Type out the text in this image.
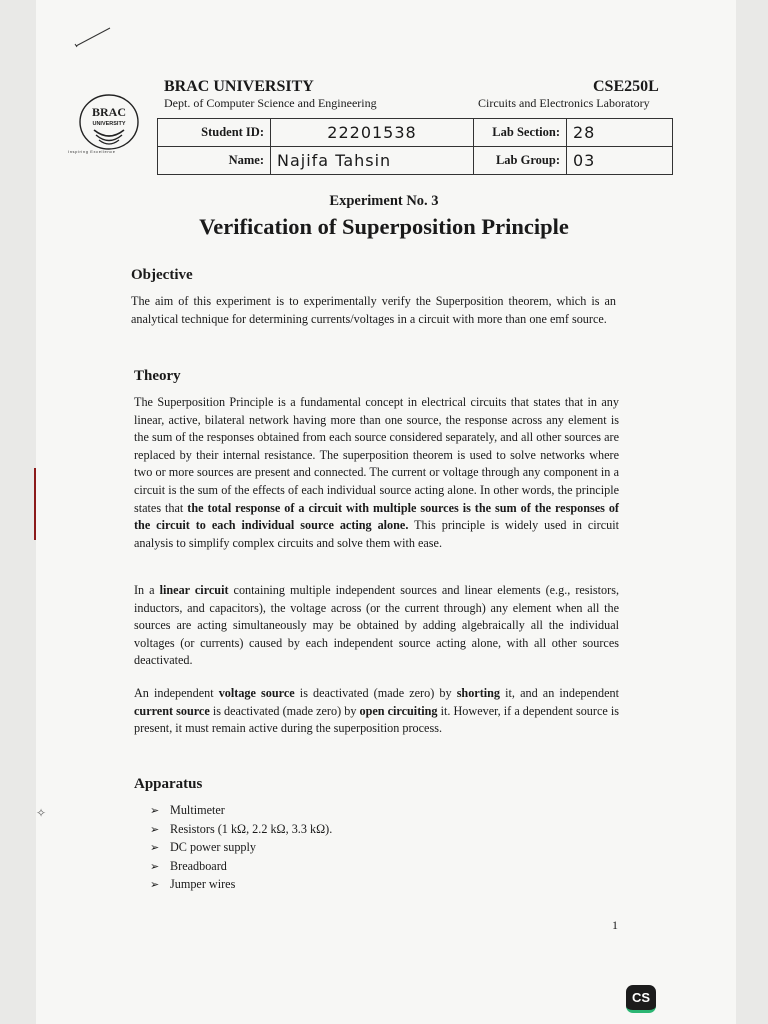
BRAC
UNIVERSITY
Inspiring Excellence
BRAC UNIVERSITY
Dept. of Computer Science and Engineering
CSE250L
Circuits and Electronics Laboratory
Student ID:	22201538	Lab Section:	28
Name:	Najifa Tahsin	Lab Group:	03
Experiment No. 3
Verification of Superposition Principle
Objective
The aim of this experiment is to experimentally verify the Superposition theorem, which is an analytical technique for determining currents/voltages in a circuit with more than one emf source.
Theory
The Superposition Principle is a fundamental concept in electrical circuits that states that in any linear, active, bilateral network having more than one source, the response across any element is the sum of the responses obtained from each source considered separately, and all other sources are replaced by their internal resistance. The superposition theorem is used to solve networks where two or more sources are present and connected. The current or voltage through any component in a circuit is the sum of the effects of each individual source acting alone. In other words, the principle states that the total response of a circuit with multiple sources is the sum of the responses of the circuit to each individual source acting alone. This principle is widely used in circuit analysis to simplify complex circuits and solve them with ease.
In a linear circuit containing multiple independent sources and linear elements (e.g., resistors, inductors, and capacitors), the voltage across (or the current through) any element when all the sources are acting simultaneously may be obtained by adding algebraically all the individual voltages (or currents) caused by each independent source acting alone, with all other sources deactivated.
An independent voltage source is deactivated (made zero) by shorting it, and an independent current source is deactivated (made zero) by open circuiting it. However, if a dependent source is present, it must remain active during the superposition process.
Apparatus
➢ Multimeter
➢ Resistors (1 kΩ, 2.2 kΩ, 3.3 kΩ).
➢ DC power supply
➢ Breadboard
➢ Jumper wires
✧
1
CS
